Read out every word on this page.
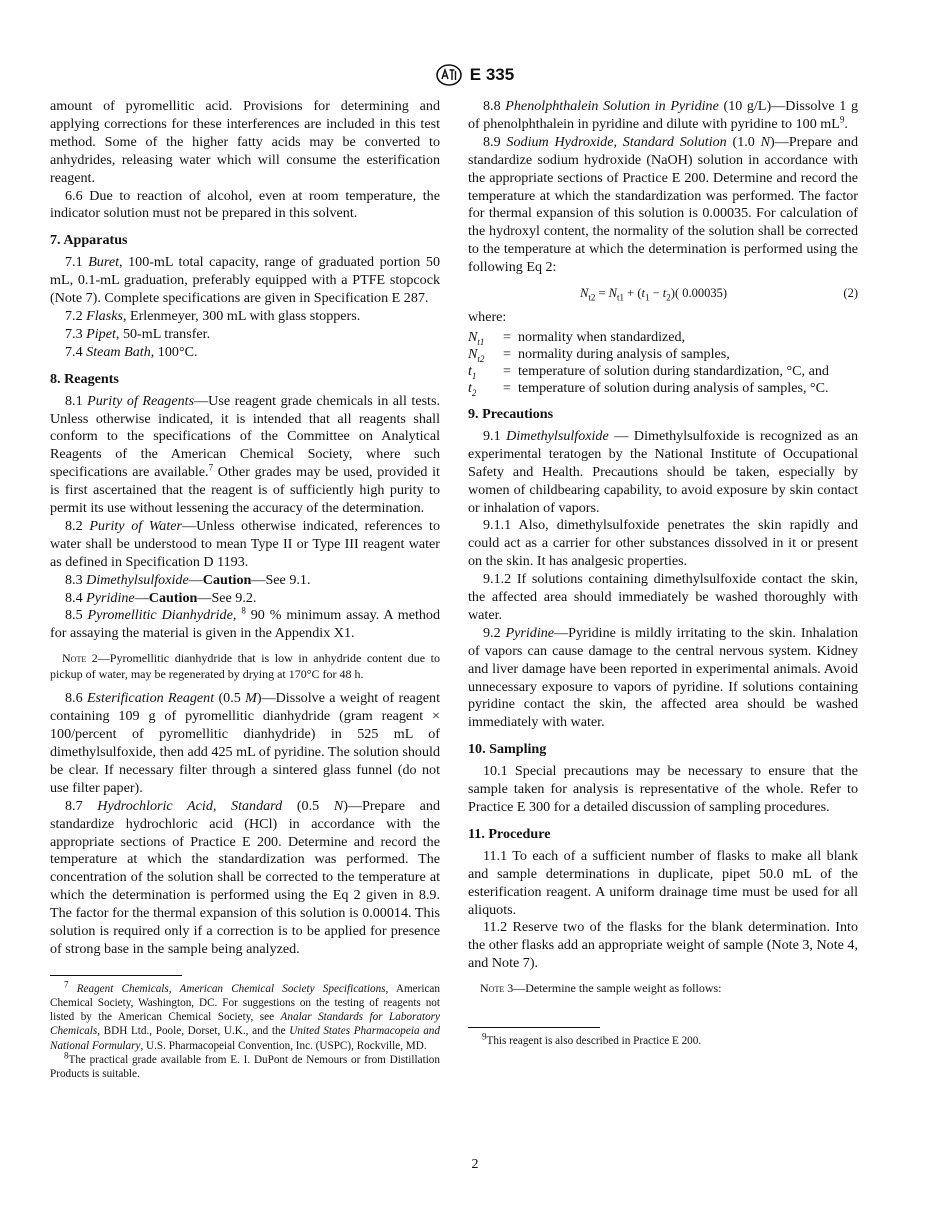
E 335

amount of pyromellitic acid. Provisions for determining and applying corrections for these interferences are included in this test method. Some of the higher fatty acids may be converted to anhydrides, releasing water which will consume the esterification reagent.

6.6 Due to reaction of alcohol, even at room temperature, the indicator solution must not be prepared in this solvent.

7. Apparatus

7.1 Buret, 100-mL total capacity, range of graduated portion 50 mL, 0.1-mL graduation, preferably equipped with a PTFE stopcock (Note 7). Complete specifications are given in Specification E 287.

7.2 Flasks, Erlenmeyer, 300 mL with glass stoppers.

7.3 Pipet, 50-mL transfer.

7.4 Steam Bath, 100°C.

8. Reagents

8.1 Purity of Reagents—Use reagent grade chemicals in all tests. Unless otherwise indicated, it is intended that all reagents shall conform to the specifications of the Committee on Analytical Reagents of the American Chemical Society, where such specifications are available.$^7$ Other grades may be used, provided it is first ascertained that the reagent is of sufficiently high purity to permit its use without lessening the accuracy of the determination.

8.2 Purity of Water—Unless otherwise indicated, references to water shall be understood to mean Type II or Type III reagent water as defined in Specification D 1193.

8.3 Dimethylsulfoxide—Caution—See 9.1.

8.4 Pyridine—Caution—See 9.2.

8.5 Pyromellitic Dianhydride, $^8$ 90 % minimum assay. A method for assaying the material is given in the Appendix X1.

Note 2—Pyromellitic dianhydride that is low in anhydride content due to pickup of water, may be regenerated by drying at 170°C for 48 h.

8.6 Esterification Reagent (0.5 M)—Dissolve a weight of reagent containing 109 g of pyromellitic dianhydride (gram reagent × 100/percent of pyromellitic dianhydride) in 525 mL of dimethylsulfoxide, then add 425 mL of pyridine. The solution should be clear. If necessary filter through a sintered glass funnel (do not use filter paper).

8.7 Hydrochloric Acid, Standard (0.5 N)—Prepare and standardize hydrochloric acid (HCl) in accordance with the appropriate sections of Practice E 200. Determine and record the temperature at which the standardization was performed. The concentration of the solution shall be corrected to the temperature at which the determination is performed using the Eq 2 given in 8.9. The factor for the thermal expansion of this solution is 0.00014. This solution is required only if a correction is to be applied for presence of strong base in the sample being analyzed.

$^7$ Reagent Chemicals, American Chemical Society Specifications, American Chemical Society, Washington, DC. For suggestions on the testing of reagents not listed by the American Chemical Society, see Analar Standards for Laboratory Chemicals, BDH Ltd., Poole, Dorset, U.K., and the United States Pharmacopeia and National Formulary, U.S. Pharmacopeial Convention, Inc. (USPC), Rockville, MD.

$^8$The practical grade available from E. I. DuPont de Nemours or from Distillation Products is suitable.

8.8 Phenolphthalein Solution in Pyridine (10 g/L)—Dissolve 1 g of phenolphthalein in pyridine and dilute with pyridine to 100 $mL^9$.

8.9 Sodium Hydroxide, Standard Solution (1.0 N)—Prepare and standardize sodium hydroxide (NaOH) solution in accordance with the appropriate sections of Practice E 200. Determine and record the temperature at which the standardization was performed. The factor for thermal expansion of this solution is 0.00035. For calculation of the hydroxyl content, the normality of the solution shall be corrected to the temperature at which the determination is performed using the following Eq 2:

$N_{t2} = N_{t1} + (t_1 - t_2)$( 0.00035)	(2)

where:

$N_{t1}$	=	normality when standardized,
$N_{t2}$	=	normality during analysis of samples,
$t_1$	=	temperature of solution during standardization, °C, and
$t_2$	=	temperature of solution during analysis of samples, °C.
9. Precautions

9.1 Dimethylsulfoxide — Dimethylsulfoxide is recognized as an experimental teratogen by the National Institute of Occupational Safety and Health. Precautions should be taken, especially by women of childbearing capability, to avoid exposure by skin contact or inhalation of vapors.

9.1.1 Also, dimethylsulfoxide penetrates the skin rapidly and could act as a carrier for other substances dissolved in it or present on the skin. It has analgesic properties.

9.1.2 If solutions containing dimethylsulfoxide contact the skin, the affected area should immediately be washed thoroughly with water.

9.2 Pyridine—Pyridine is mildly irritating to the skin. Inhalation of vapors can cause damage to the central nervous system. Kidney and liver damage have been reported in experimental animals. Avoid unnecessary exposure to vapors of pyridine. If solutions containing pyridine contact the skin, the affected area should be washed immediately with water.

10. Sampling

10.1 Special precautions may be necessary to ensure that the sample taken for analysis is representative of the whole. Refer to Practice E 300 for a detailed discussion of sampling procedures.

11. Procedure

11.1 To each of a sufficient number of flasks to make all blank and sample determinations in duplicate, pipet 50.0 mL of the esterification reagent. A uniform drainage time must be used for all aliquots.

11.2 Reserve two of the flasks for the blank determination. Into the other flasks add an appropriate weight of sample (Note 3, Note 4, and Note 7).

Note 3—Determine the sample weight as follows:

$^9$This reagent is also described in Practice E 200.

2
